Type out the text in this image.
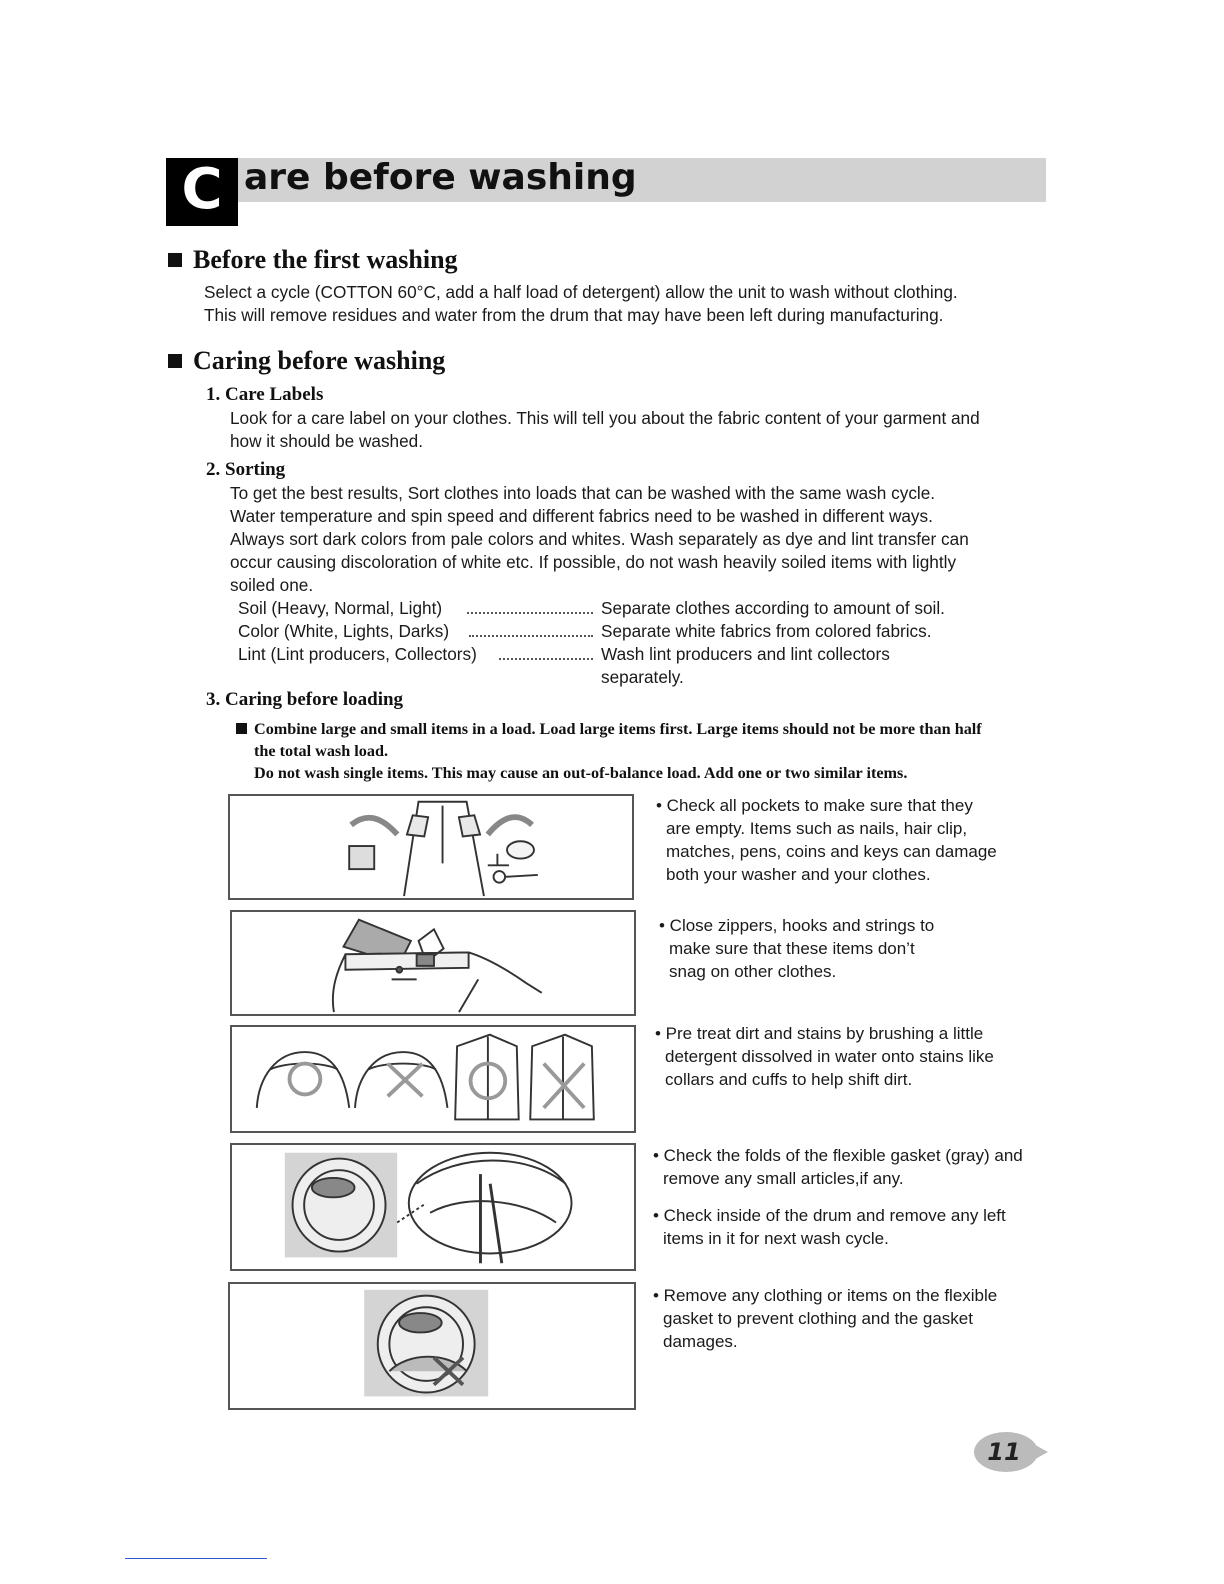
C are before washing
Before the first washing
Select a cycle (COTTON 60°C, add a half load of detergent) allow the unit to wash without clothing.
This will remove residues and water from the drum that may have been left during manufacturing.
Caring before washing
1. Care Labels
Look for a care label on your clothes. This will tell you about the fabric content of your garment and
how it should be washed.
2. Sorting
To get the best results, Sort clothes into loads that can be washed with the same wash cycle.
Water temperature and spin speed and different fabrics need to be washed in different ways.
Always sort dark colors from pale colors and whites. Wash separately as dye and lint transfer can
occur causing discoloration of white etc. If possible, do not wash heavily soiled items with lightly
soiled one.
Soil (Heavy, Normal, Light)	Separate clothes according to amount of soil.
Color (White, Lights, Darks)	Separate white fabrics from colored fabrics.
Lint (Lint producers, Collectors)	Wash lint producers and lint collectors
separately.
3. Caring before loading
Combine large and small items in a load. Load large items first. Large items should not be more than half
the total wash load.
Do not wash single items. This may cause an out-of-balance load. Add one or two similar items.
• Check all pockets to make sure that they
are empty. Items such as nails, hair clip,
matches, pens, coins and keys can damage
both your washer and your clothes.
• Close zippers, hooks and strings to
make sure that these items don’t
snag on other clothes.
• Pre treat dirt and stains by brushing a little
detergent dissolved in water onto stains like
collars and cuffs to help shift dirt.
• Check the folds of the flexible gasket (gray) and
remove any small articles,if any.
• Check inside of the drum and remove any left
items in it for next wash cycle.
• Remove any clothing or items on the flexible
gasket to prevent clothing and the gasket
damages.
11
